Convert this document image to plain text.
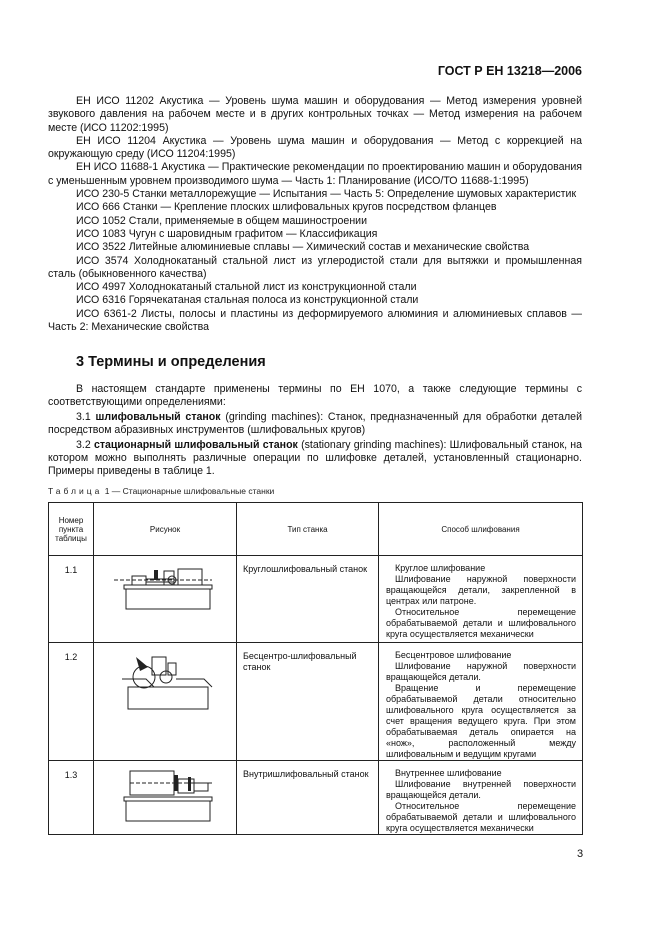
ГОСТ Р ЕН 13218—2006

ЕН ИСО 11202 Акустика — Уровень шума машин и оборудования — Метод измерения уровней звукового давления на рабочем месте и в других контрольных точках — Метод измерения на рабочем месте (ИСО 11202:1995)

ЕН ИСО 11204 Акустика — Уровень шума машин и оборудования — Метод с коррекцией на окружающую среду (ИСО 11204:1995)

ЕН ИСО 11688-1 Акустика — Практические рекомендации по проектированию машин и оборудования с уменьшенным уровнем производимого шума — Часть 1: Планирование (ИСО/ТО 11688-1:1995)

ИСО 230-5 Станки металлорежущие — Испытания — Часть 5: Определение шумовых характеристик

ИСО 666 Станки — Крепление плоских шлифовальных кругов посредством фланцев

ИСО 1052 Стали, применяемые в общем машиностроении

ИСО 1083 Чугун с шаровидным графитом — Классификация

ИСО 3522 Литейные алюминиевые сплавы — Химический состав и механические свойства

ИСО 3574 Холоднокатаный стальной лист из углеродистой стали для вытяжки и промышленная сталь (обыкновенного качества)

ИСО 4997 Холоднокатаный стальной лист из конструкционной стали

ИСО 6316 Горячекатаная стальная полоса из конструкционной стали

ИСО 6361-2 Листы, полосы и пластины из деформируемого алюминия и алюминиевых сплавов — Часть 2: Механические свойства

3 Термины и определения

В настоящем стандарте применены термины по ЕН 1070, а также следующие термины с соответствующими определениями:

3.1 шлифовальный станок (grinding machines): Станок, предназначенный для обработки деталей посредством абразивных инструментов (шлифовальных кругов)

3.2 стационарный шлифовальный станок (stationary grinding machines): Шлифовальный станок, на котором можно выполнять различные операции по шлифовке деталей, установленный стационарно. Примеры приведены в таблице 1.

Таблица 1 — Стационарные шлифовальные станки
Номер пункта таблицы	Рисунок	Тип станка	Способ шлифования
1.1		Круглошлифовальный станок	Круглое шлифование
Шлифование наружной поверхности вращающейся детали, закрепленной в центрах или патроне.
Относительное перемещение обрабатываемой детали и шлифовального круга осуществляется механически

1.2		Бесцентро-шлифовальный станок	Бесцентровое шлифование
Шлифование наружной поверхности вращающейся детали.
Вращение и перемещение обрабатываемой детали относительно шлифовального круга осуществляется за счет вращения ведущего круга. При этом обрабатываемая деталь опирается на «нож», расположенный между шлифовальным и ведущим кругами

1.3		Внутришлифовальный станок	Внутреннее шлифование
Шлифование внутренней поверхности вращающейся детали.
Относительное перемещение обрабатываемой детали и шлифовального круга осуществляется механически
3
